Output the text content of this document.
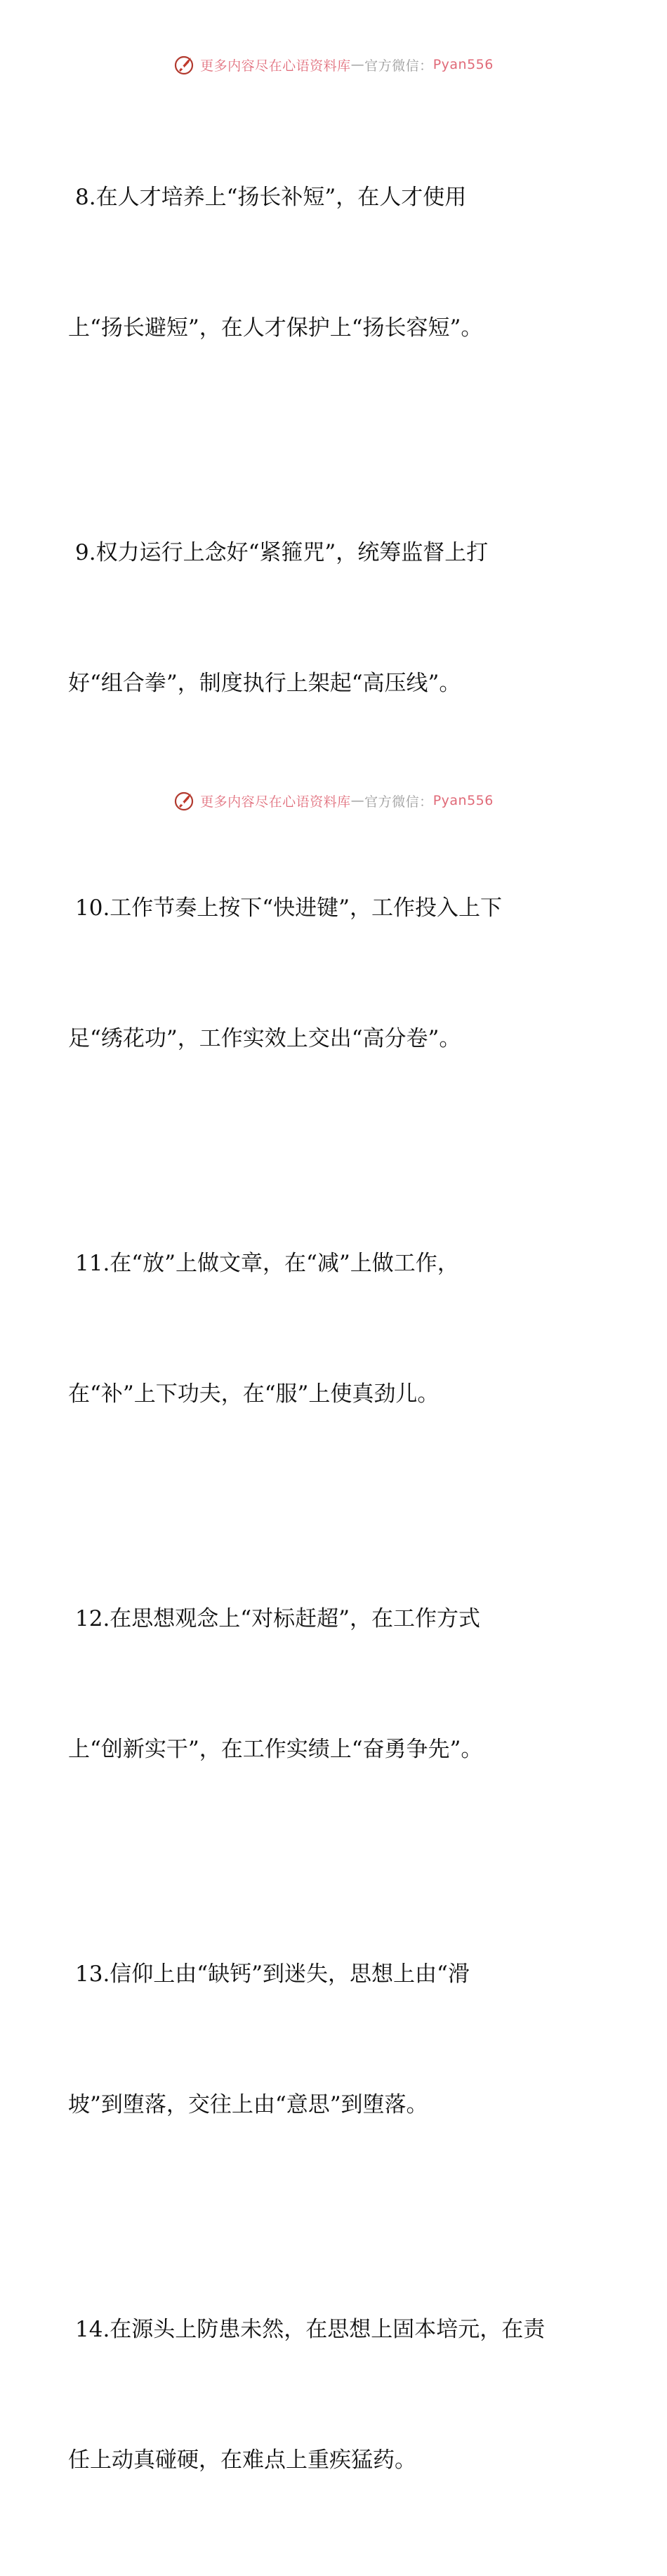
更多内容尽在心语资料库 — 官方微信： Pyan556

8.在人才培养上“扬长补短”，在人才使用

上“扬长避短”，在人才保护上“扬长容短”。

9.权力运行上念好“紧箍咒”，统筹监督上打

好“组合拳”，制度执行上架起“高压线”。

10.工作节奏上按下“快进键”，工作投入上下

足“绣花功”，工作实效上交出“高分卷”。

11.在“放”上做文章，在“减”上做工作，

在“补”上下功夫，在“服”上使真劲儿。

12.在思想观念上“对标赶超”，在工作方式

上“创新实干”，在工作实绩上“奋勇争先”。

13.信仰上由“缺钙”到迷失，思想上由“滑

坡”到堕落，交往上由“意思”到堕落。

14.在源头上防患未然，在思想上固本培元，在责

任上动真碰硬，在难点上重疾猛药。

更多内容尽在心语资料库 — 官方微信： Pyan556
